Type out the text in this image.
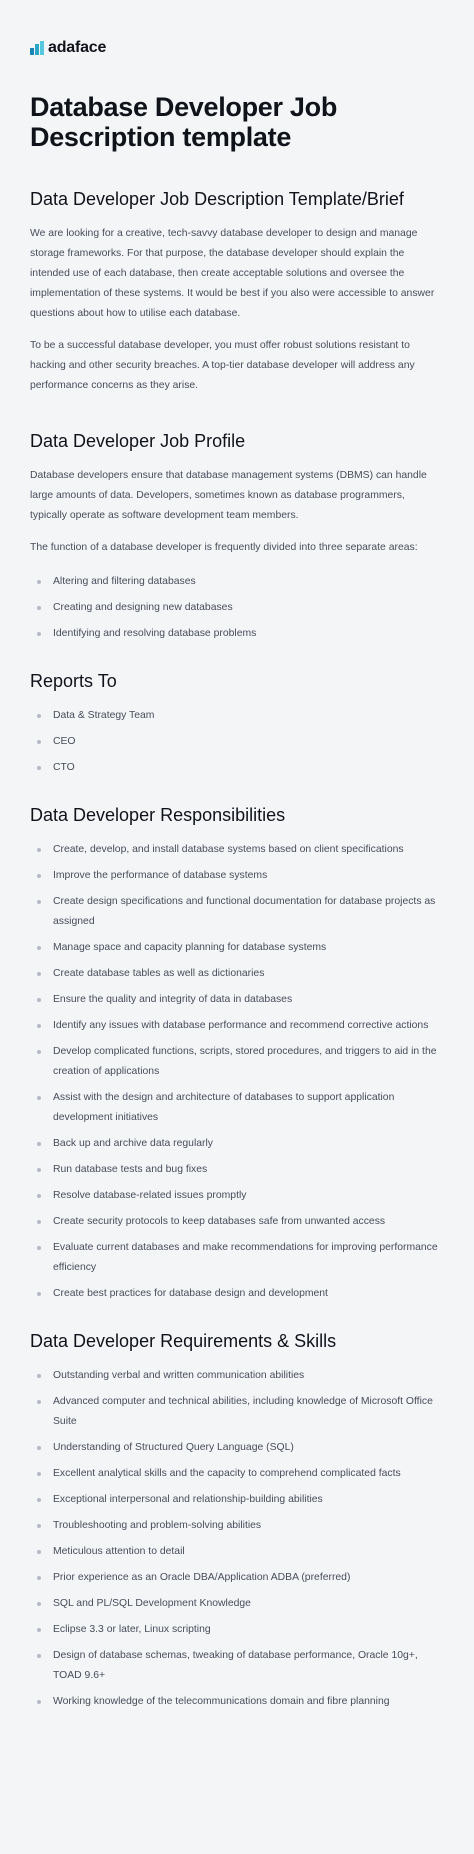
adaface
Database Developer Job Description template
Data Developer Job Description Template/Brief

We are looking for a creative, tech-savvy database developer to design and manage storage frameworks. For that purpose, the database developer should explain the intended use of each database, then create acceptable solutions and oversee the implementation of these systems. It would be best if you also were accessible to answer questions about how to utilise each database.

To be a successful database developer, you must offer robust solutions resistant to hacking and other security breaches. A top-tier database developer will address any performance concerns as they arise.

Data Developer Job Profile

Database developers ensure that database management systems (DBMS) can handle large amounts of data. Developers, sometimes known as database programmers, typically operate as software development team members.

The function of a database developer is frequently divided into three separate areas:

Altering and filtering databases
Creating and designing new databases
Identifying and resolving database problems
Reports To
Data & Strategy Team
CEO
CTO
Data Developer Responsibilities
Create, develop, and install database systems based on client specifications
Improve the performance of database systems
Create design specifications and functional documentation for database projects as assigned
Manage space and capacity planning for database systems
Create database tables as well as dictionaries
Ensure the quality and integrity of data in databases
Identify any issues with database performance and recommend corrective actions
Develop complicated functions, scripts, stored procedures, and triggers to aid in the creation of applications
Assist with the design and architecture of databases to support application development initiatives
Back up and archive data regularly
Run database tests and bug fixes
Resolve database-related issues promptly
Create security protocols to keep databases safe from unwanted access
Evaluate current databases and make recommendations for improving performance efficiency
Create best practices for database design and development
Data Developer Requirements & Skills
Outstanding verbal and written communication abilities
Advanced computer and technical abilities, including knowledge of Microsoft Office Suite
Understanding of Structured Query Language (SQL)
Excellent analytical skills and the capacity to comprehend complicated facts
Exceptional interpersonal and relationship-building abilities
Troubleshooting and problem-solving abilities
Meticulous attention to detail
Prior experience as an Oracle DBA/Application ADBA (preferred)
SQL and PL/SQL Development Knowledge
Eclipse 3.3 or later, Linux scripting
Design of database schemas, tweaking of database performance, Oracle 10g+, TOAD 9.6+
Working knowledge of the telecommunications domain and fibre planning
